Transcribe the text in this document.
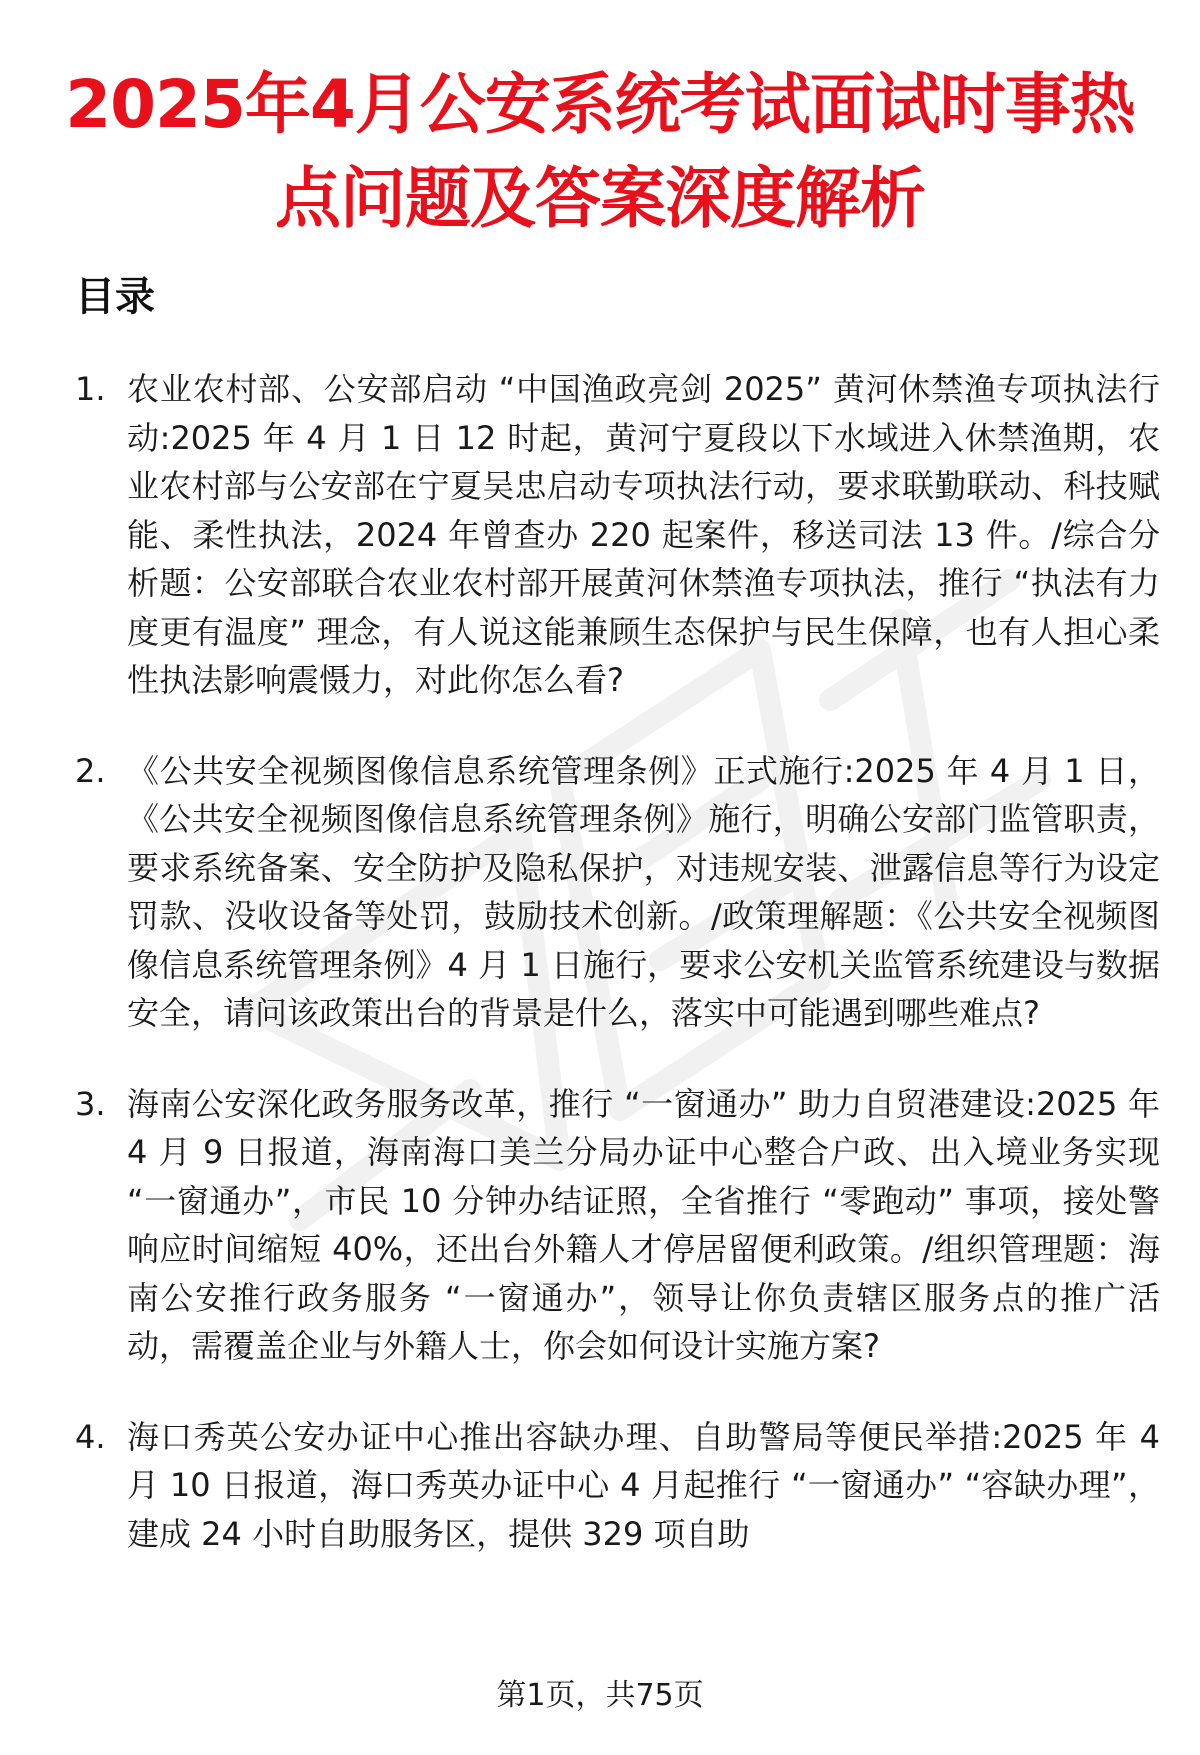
2025年4月公安系统考试面试时事热点问题及答案深度解析
目录
1. 农业农村部、公安部启动 “中国渔政亮剑 2025” 黄河休禁渔专项执法行动:2025 年 4 月 1 日 12 时起，黄河宁夏段以下水域进入休禁渔期，农业农村部与公安部在宁夏吴忠启动专项执法行动，要求联勤联动、科技赋能、柔性执法，2024 年曾查办 220 起案件，移送司法 13 件。/综合分析题：公安部联合农业农村部开展黄河休禁渔专项执法，推行 “执法有力度更有温度” 理念，有人说这能兼顾生态保护与民生保障，也有人担心柔性执法影响震慑力，对此你怎么看?
2. 《公共安全视频图像信息系统管理条例》正式施行:2025 年 4 月 1 日，《公共安全视频图像信息系统管理条例》施行，明确公安部门监管职责，要求系统备案、安全防护及隐私保护，对违规安装、泄露信息等行为设定罚款、没收设备等处罚，鼓励技术创新。/政策理解题：《公共安全视频图像信息系统管理条例》4 月 1 日施行，要求公安机关监管系统建设与数据安全，请问该政策出台的背景是什么，落实中可能遇到哪些难点?
3. 海南公安深化政务服务改革，推行 “一窗通办” 助力自贸港建设:2025 年 4 月 9 日报道，海南海口美兰分局办证中心整合户政、出入境业务实现 “一窗通办”，市民 10 分钟办结证照，全省推行 “零跑动” 事项，接处警响应时间缩短 40%，还出台外籍人才停居留便利政策。/组织管理题：海南公安推行政务服务 “一窗通办”，领导让你负责辖区服务点的推广活动，需覆盖企业与外籍人士，你会如何设计实施方案?
4. 海口秀英公安办证中心推出容缺办理、自助警局等便民举措:2025 年 4 月 10 日报道，海口秀英办证中心 4 月起推行 “一窗通办” “容缺办理”，建成 24 小时自助服务区，提供 329 项自助
第1页，共75页
